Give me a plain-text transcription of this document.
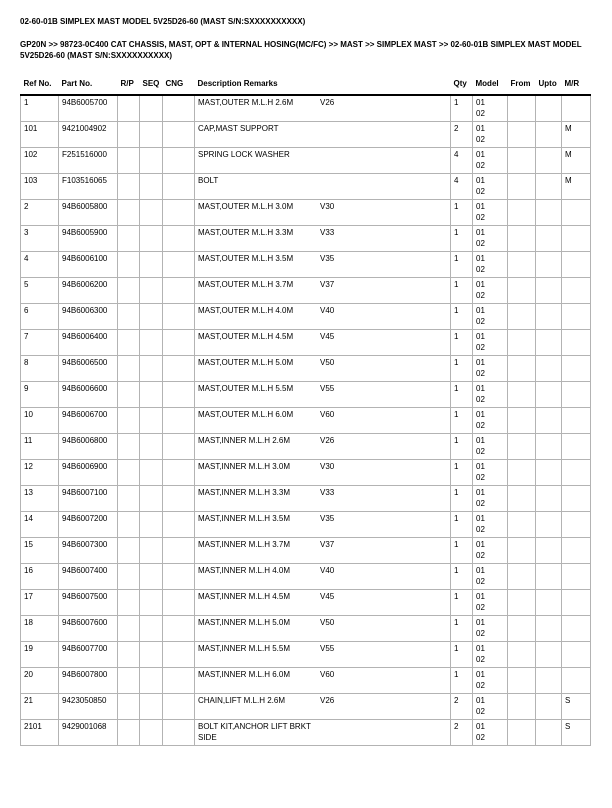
02-60-01B SIMPLEX MAST MODEL 5V25D26-60 (MAST S/N:SXXXXXXXXXX)
GP20N >> 98723-0C400 CAT CHASSIS, MAST, OPT & INTERNAL HOSING(MC/FC) >> MAST >> SIMPLEX MAST >> 02-60-01B SIMPLEX MAST MODEL 5V25D26-60 (MAST S/N:SXXXXXXXXXX)
Ref No.	Part No.	R/P	SEQ	CNG	Description Remarks	Qty	Model	From	Upto	M/R
1	94B6005700				MAST,OUTER M.L.H 2.6M V26	1	01
02			

101	9421004902				CAP,MAST SUPPORT	2	01
02			M
102	F251516000				SPRING LOCK WASHER	4	01
02			M
103	F103516065				BOLT	4	01
02			M
2	94B6005800				MAST,OUTER M.L.H 3.0M V30	1	01
02			

3	94B6005900				MAST,OUTER M.L.H 3.3M V33	1	01
02			

4	94B6006100				MAST,OUTER M.L.H 3.5M V35	1	01
02			

5	94B6006200				MAST,OUTER M.L.H 3.7M V37	1	01
02			

6	94B6006300				MAST,OUTER M.L.H 4.0M V40	1	01
02			

7	94B6006400				MAST,OUTER M.L.H 4.5M V45	1	01
02			

8	94B6006500				MAST,OUTER M.L.H 5.0M V50	1	01
02			

9	94B6006600				MAST,OUTER M.L.H 5.5M V55	1	01
02			

10	94B6006700				MAST,OUTER M.L.H 6.0M V60	1	01
02			

11	94B6006800				MAST,INNER M.L.H 2.6M V26	1	01
02			

12	94B6006900				MAST,INNER M.L.H 3.0M V30	1	01
02			

13	94B6007100				MAST,INNER M.L.H 3.3M V33	1	01
02			

14	94B6007200				MAST,INNER M.L.H 3.5M V35	1	01
02			

15	94B6007300				MAST,INNER M.L.H 3.7M V37	1	01
02			

16	94B6007400				MAST,INNER M.L.H 4.0M V40	1	01
02			

17	94B6007500				MAST,INNER M.L.H 4.5M V45	1	01
02			

18	94B6007600				MAST,INNER M.L.H 5.0M V50	1	01
02			

19	94B6007700				MAST,INNER M.L.H 5.5M V55	1	01
02			

20	94B6007800				MAST,INNER M.L.H 6.0M V60	1	01
02			

21	9423050850				CHAIN,LIFT M.L.H 2.6M V26	2	01
02			S
2101	9429001068				BOLT KIT,ANCHOR LIFT BRKT SIDE	2	01
02			S
